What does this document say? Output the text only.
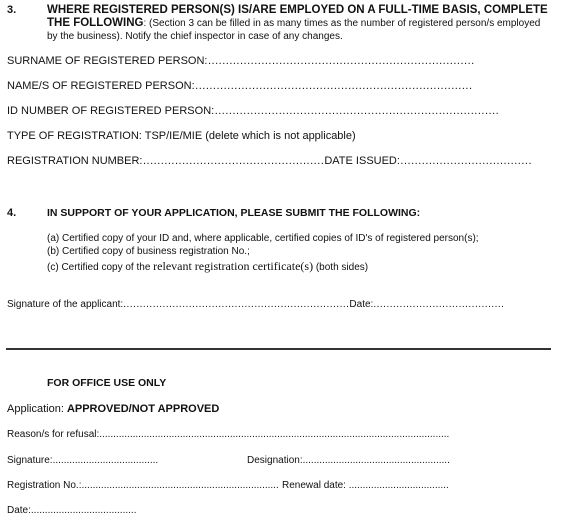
3.	WHERE REGISTERED PERSON(S) IS/ARE EMPLOYED ON A FULL-TIME BASIS, COMPLETE THE FOLLOWING: (Section 3 can be filled in as many times as the number of registered person/s employed by the business). Notify the chief inspector in case of any changes.
SURNAME OF REGISTERED PERSON:...........................................................................
NAME/S OF REGISTERED PERSON:..............................................................................
ID NUMBER OF REGISTERED PERSON:................................................................................
TYPE OF REGISTRATION: TSP/IE/MIE (delete which is not applicable)
REGISTRATION NUMBER:...................................................DATE ISSUED:.....................................
4.	IN SUPPORT OF YOUR APPLICATION, PLEASE SUBMIT THE FOLLOWING:
(a) Certified copy of your ID and, where applicable, certified copies of ID's of registered person(s);
(b) Certified copy of business registration No.;
(c) Certified copy of the relevant registration certificate(s) (both sides)
Signature of the applicant:.....................................................................Date:........................................
FOR OFFICE USE ONLY
Application: APPROVED/NOT APPROVED
Reason/s for refusal:..............................................................................................................................
Signature:......................................	Designation:.....................................................
Registration No.:....................................................................... Renewal date: ....................................
Date:......................................
